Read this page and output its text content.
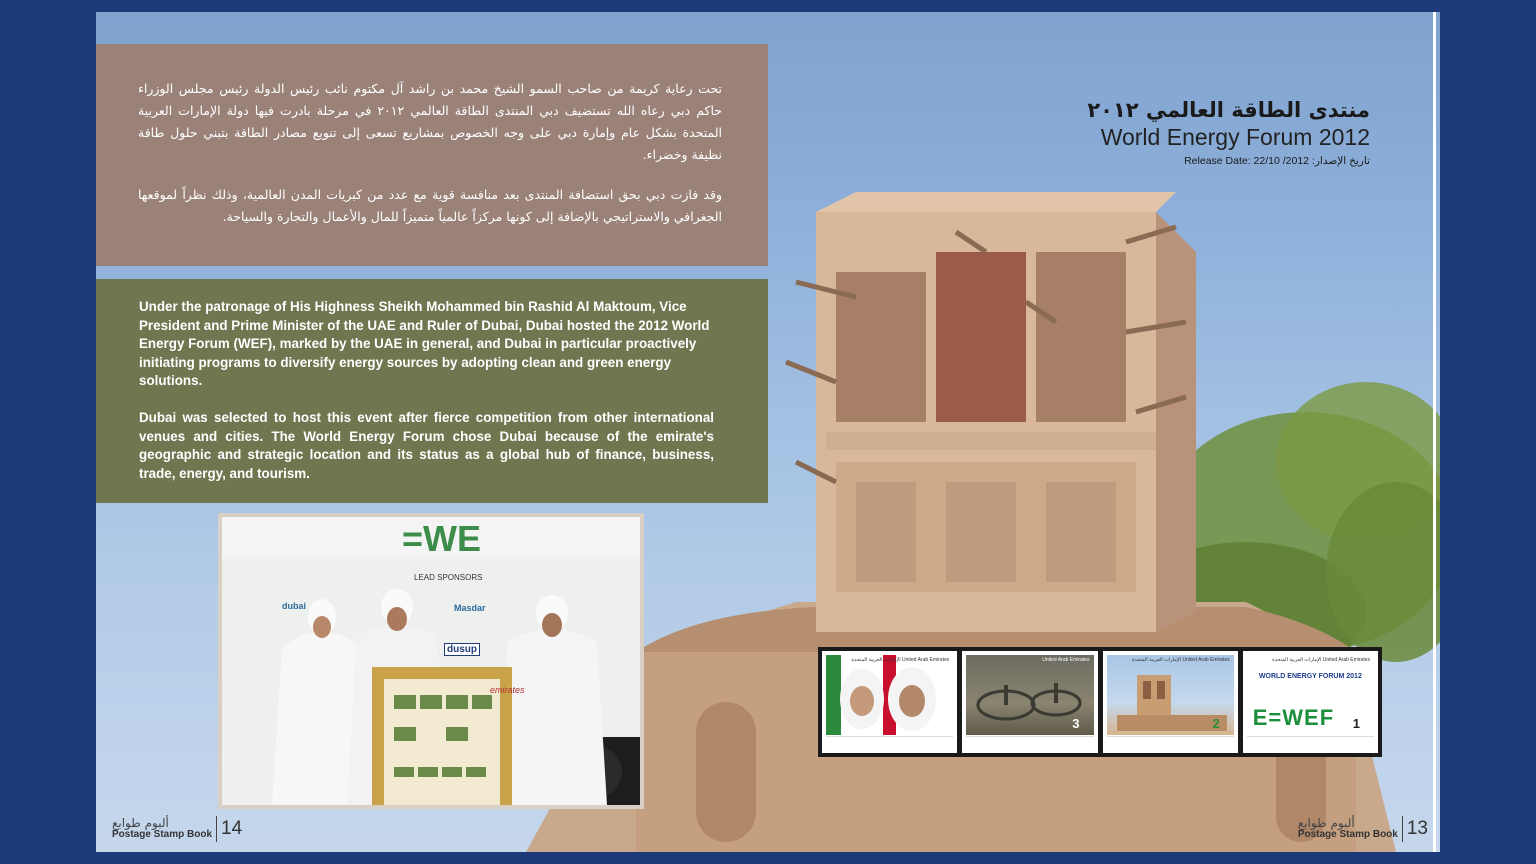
تحت رعاية كريمة من صاحب السمو الشيخ محمد بن راشد آل مكتوم نائب رئيس الدولة رئيس مجلس الوزراء حاكم دبي رعاه الله تستضيف دبي المنتدى الطاقة العالمي ٢٠١٢ في مرحلة بادرت فيها دولة الإمارات العربية المتحدة بشكل عام وإمارة دبي على وجه الخصوص بمشاريع تسعى إلى تنويع مصادر الطاقة بتبني حلول طاقة نظيفة وخضراء.

وقد فازت دبي بحق استضافة المنتدى بعد منافسة قوية مع عدد من كبريات المدن العالمية، وذلك نظراً لموقعها الجغرافي والاستراتيجي بالإضافة إلى كونها مركزاً عالمياً متميزاً للمال والأعمال والتجارة والسياحة.

Under the patronage of His Highness Sheikh Mohammed bin Rashid Al Maktoum, Vice President and Prime Minister of the UAE and Ruler of Dubai, Dubai hosted the 2012 World Energy Forum (WEF), marked by the UAE in general, and Dubai in particular proactively initiating programs to diversify energy sources by adopting clean and green energy solutions.

Dubai was selected to host this event after fierce competition from other international venues and cities. The World Energy Forum chose Dubai because of the emirate's geographic and strategic location and its status as a global hub of finance, business, trade, energy, and tourism.

منتدى الطاقة العالمي ٢٠١٢
World Energy Forum 2012
Release Date: 22/10 /2012 :تاريخ الإصدار
=WE
LEAD SPONSORS
Masdar
dusup
emirates
dubai
الإمارات العربية المتحدة United Arab Emirates	United Arab Emirates
3
الإمارات العربية المتحدة United Arab Emirates
2
الإمارات العربية المتحدة United Arab Emirates
WORLD ENERGY FORUM 2012
E=WEF 1
ألبوم طوابع
Postage Stamp Book 14	ألبوم طوابع
Postage Stamp Book 13
